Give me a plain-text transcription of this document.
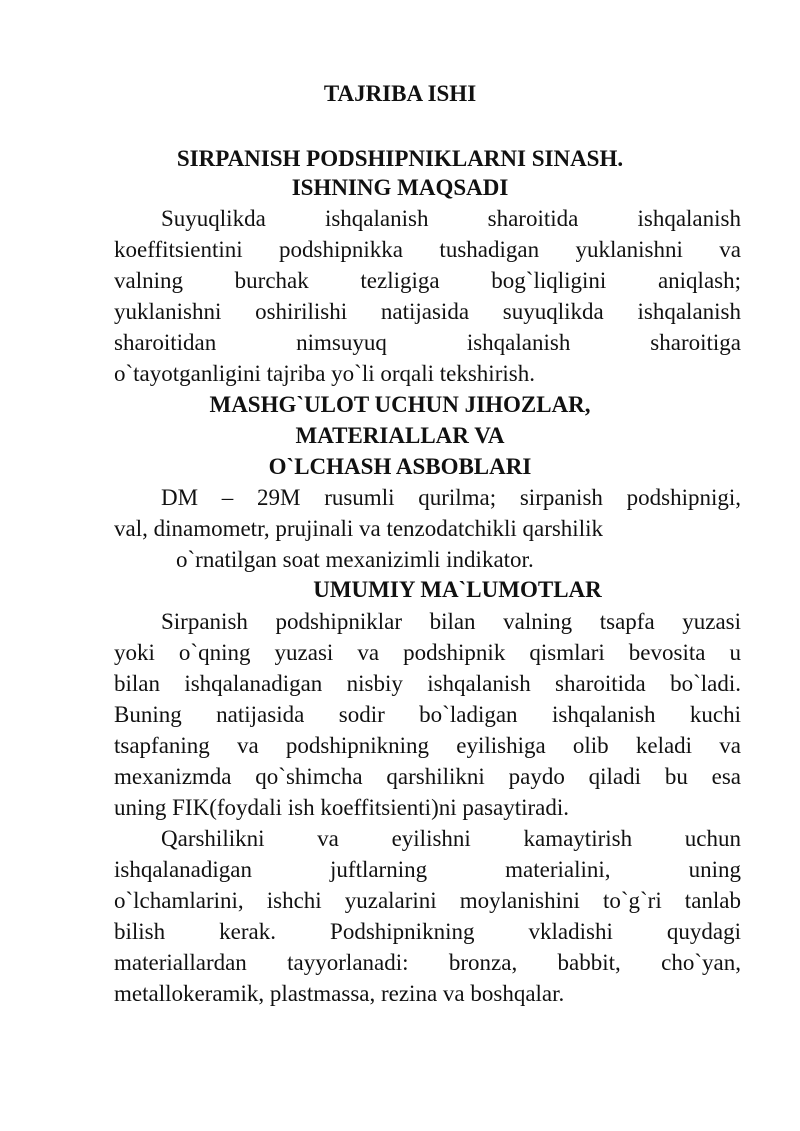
TAJRIBA ISHI
SIRPANISH PODSHIPNIKLARNI SINASH.
ISHNING MAQSADI
Suyuqlikda ishqalanish sharoitida ishqalanish
koeffitsientini podshipnikka tushadigan yuklanishni va
valning burchak tezligiga bog`liqligini aniqlash;
yuklanishni oshirilishi natijasida suyuqlikda ishqalanish
sharoitidan nimsuyuq ishqalanish sharoitiga
o`tayotganligini tajriba yo`li orqali tekshirish.
MASHG`ULOT UCHUN JIHOZLAR,
MATERIALLAR VA
O`LCHASH ASBOBLARI
DM – 29M rusumli qurilma; sirpanish podshipnigi,
val, dinamometr, prujinali va tenzodatchikli qarshilik
o`rnatilgan soat mexanizimli indikator.
UMUMIY MA`LUMOTLAR
Sirpanish podshipniklar bilan valning tsapfa yuzasi
yoki o`qning yuzasi va podshipnik qismlari bevosita u
bilan ishqalanadigan nisbiy ishqalanish sharoitida bo`ladi.
Buning natijasida sodir bo`ladigan ishqalanish kuchi
tsapfaning va podshipnikning eyilishiga olib keladi va
mexanizmda qo`shimcha qarshilikni paydo qiladi bu esa
uning FIK(foydali ish koeffitsienti)ni pasaytiradi.
Qarshilikni va eyilishni kamaytirish uchun
ishqalanadigan juftlarning materialini, uning
o`lchamlarini, ishchi yuzalarini moylanishini to`g`ri tanlab
bilish kerak. Podshipnikning vkladishi quydagi
materiallardan tayyorlanadi: bronza, babbit, cho`yan,
metallokeramik, plastmassa, rezina va boshqalar.
